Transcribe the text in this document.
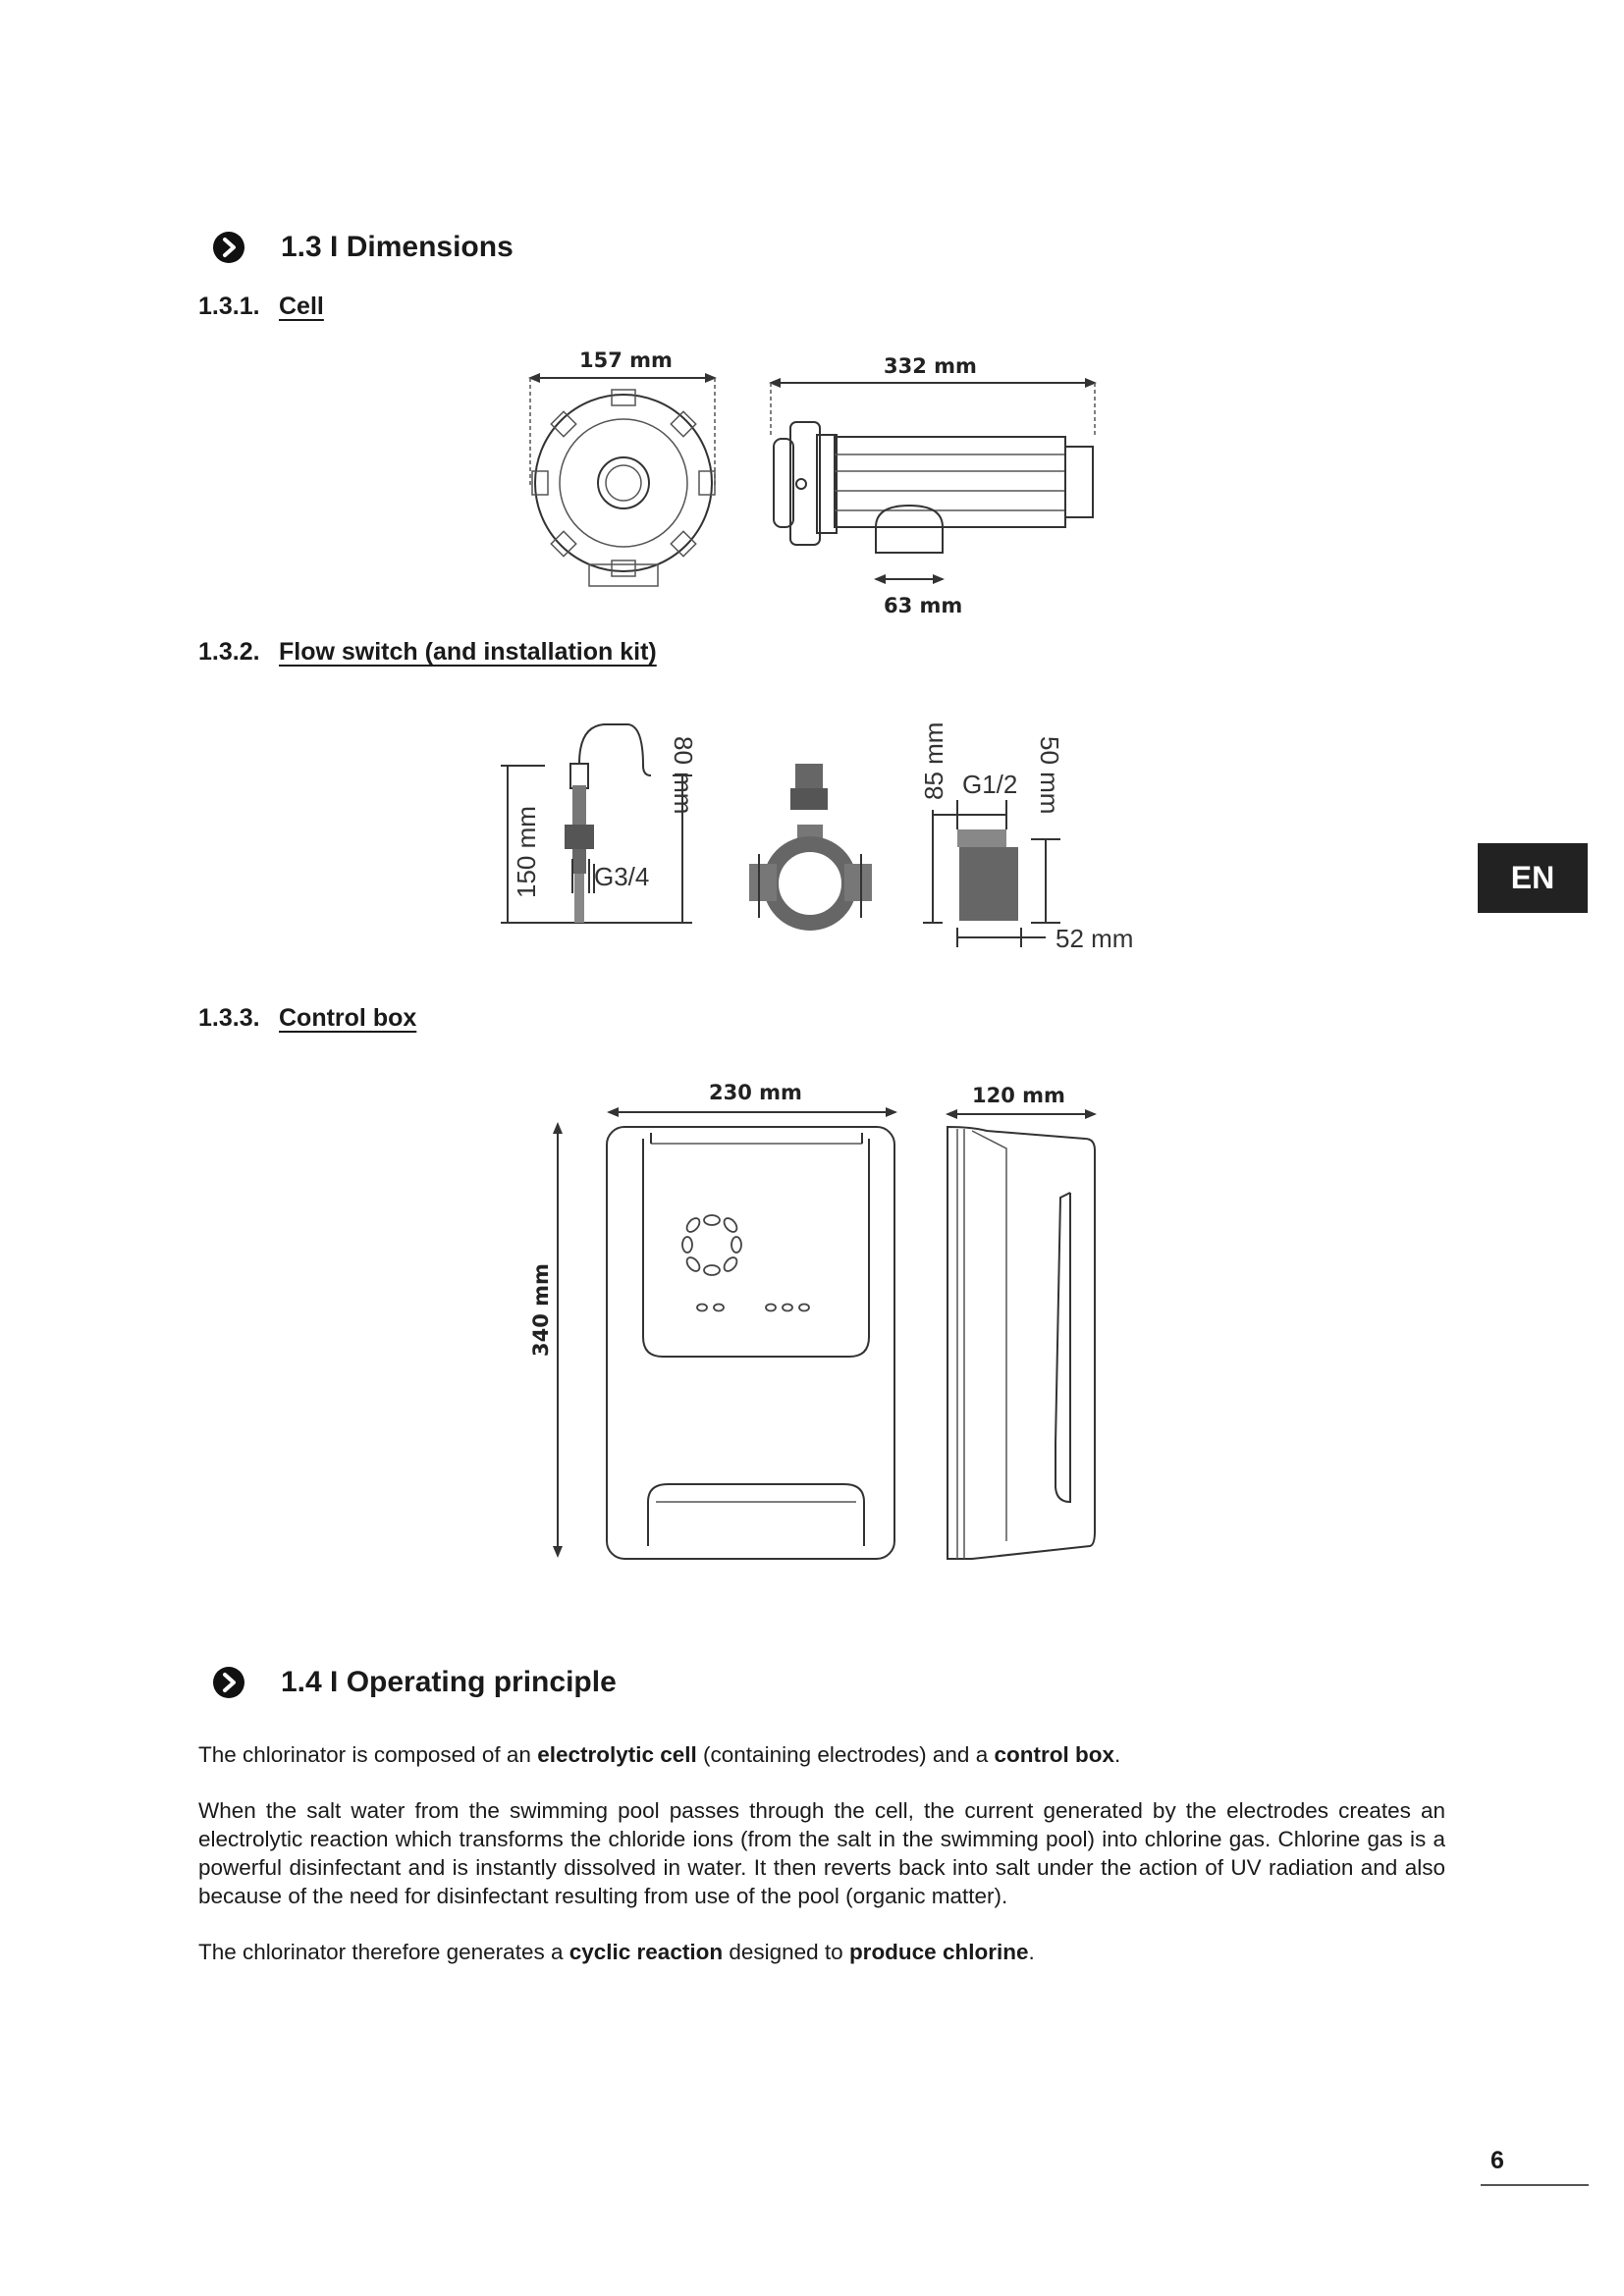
1.3 I Dimensions
1.3.1. Cell
157 mm	332 mm
63 mm
1.3.2. Flow switch (and installation kit)
150 mm G3/4
80 mm	85 mm G1/2 50 mm
52 mm
EN
1.3.3. Control box
230 mm
340 mm
120 mm
1.4 I Operating principle
The chlorinator is composed of an electrolytic cell (containing electrodes) and a control box.
When the salt water from the swimming pool passes through the cell, the current generated by the electrodes creates an electrolytic reaction which transforms the chloride ions (from the salt in the swimming pool) into chlorine gas. Chlorine gas is a powerful disinfectant and is instantly dissolved in water. It then reverts back into salt under the action of UV radiation and also because of the need for disinfectant resulting from use of the pool (organic matter).
The chlorinator therefore generates a cyclic reaction designed to produce chlorine.
6
